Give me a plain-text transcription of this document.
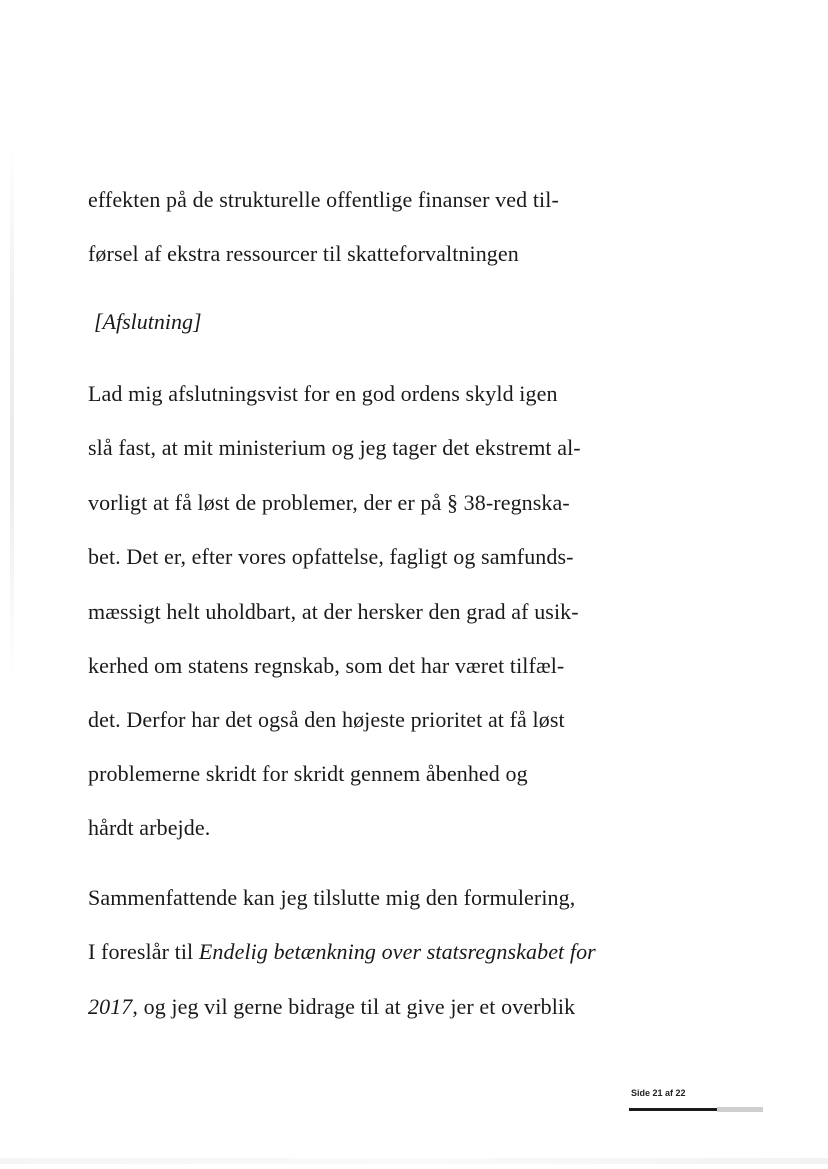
effekten på de strukturelle offentlige finanser ved til-
førsel af ekstra ressourcer til skatteforvaltningen
[Afslutning]
Lad mig afslutningsvist for en god ordens skyld igen
slå fast, at mit ministerium og jeg tager det ekstremt al-
vorligt at få løst de problemer, der er på § 38-regnska-
bet. Det er, efter vores opfattelse, fagligt og samfunds-
mæssigt helt uholdbart, at der hersker den grad af usik-
kerhed om statens regnskab, som det har været tilfæl-
det. Derfor har det også den højeste prioritet at få løst
problemerne skridt for skridt gennem åbenhed og
hårdt arbejde.
Sammenfattende kan jeg tilslutte mig den formulering,
I foreslår til Endelig betænkning over statsregnskabet for
2017, og jeg vil gerne bidrage til at give jer et overblik
Side 21 af 22
